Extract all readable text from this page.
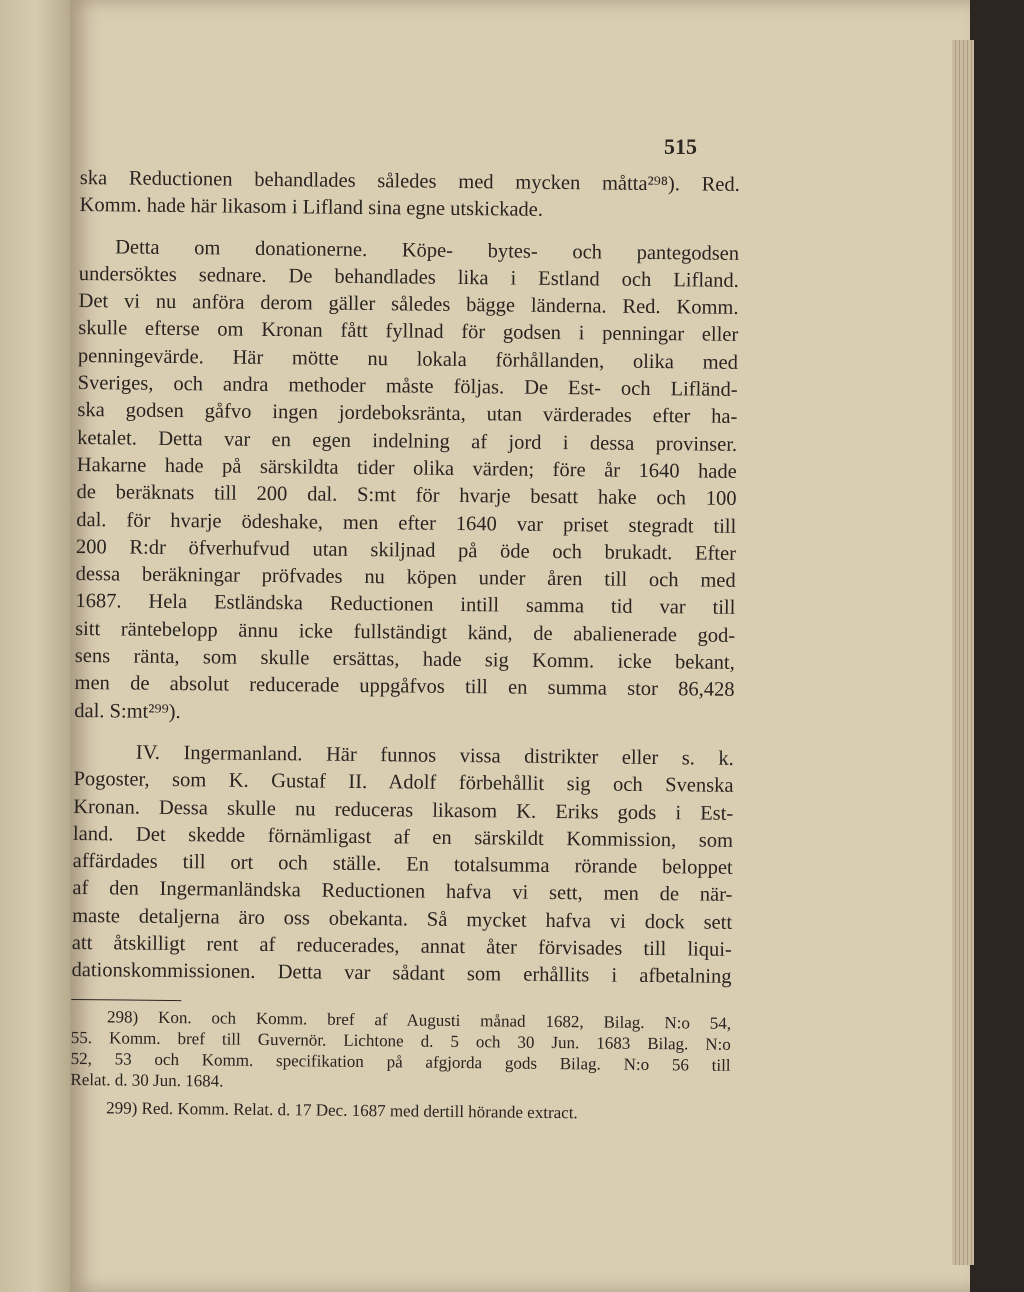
515
ska Reductionen behandlades således med mycken måtta²⁹⁸). Red.
Komm. hade här likasom i Lifland sina egne utskickade.
Detta om donationerne. Köpe- bytes- och pantegodsen
undersöktes sednare. De behandlades lika i Estland och Lifland.
Det vi nu anföra derom gäller således bägge länderna. Red. Komm.
skulle efterse om Kronan fått fyllnad för godsen i penningar eller
penningevärde. Här mötte nu lokala förhållanden, olika med
Sveriges, och andra methoder måste följas. De Est- och Lifländ-
ska godsen gåfvo ingen jordeboksränta, utan värderades efter ha-
ketalet. Detta var en egen indelning af jord i dessa provinser.
Hakarne hade på särskildta tider olika värden; före år 1640 hade
de beräknats till 200 dal. S:mt för hvarje besatt hake och 100
dal. för hvarje ödeshake, men efter 1640 var priset stegradt till
200 R:dr öfverhufvud utan skiljnad på öde och brukadt. Efter
dessa beräkningar pröfvades nu köpen under åren till och med
1687. Hela Estländska Reductionen intill samma tid var till
sitt räntebelopp ännu icke fullständigt känd, de abalienerade god-
sens ränta, som skulle ersättas, hade sig Komm. icke bekant,
men de absolut reducerade uppgåfvos till en summa stor 86,428
dal. S:mt²⁹⁹).
IV. Ingermanland. Här funnos vissa distrikter eller s. k.
Pogoster, som K. Gustaf II. Adolf förbehållit sig och Svenska
Kronan. Dessa skulle nu reduceras likasom K. Eriks gods i Est-
land. Det skedde förnämligast af en särskildt Kommission, som
affärdades till ort och ställe. En totalsumma rörande beloppet
af den Ingermanländska Reductionen hafva vi sett, men de när-
maste detaljerna äro oss obekanta. Så mycket hafva vi dock sett
att åtskilligt rent af reducerades, annat åter förvisades till liqui-
dationskommissionen. Detta var sådant som erhållits i afbetalning
298) Kon. och Komm. bref af Augusti månad 1682, Bilag. N:o 54,
55. Komm. bref till Guvernör. Lichtone d. 5 och 30 Jun. 1683 Bilag. N:o
52, 53 och Komm. specifikation på afgjorda gods Bilag. N:o 56 till
Relat. d. 30 Jun. 1684.
299) Red. Komm. Relat. d. 17 Dec. 1687 med dertill hörande extract.
